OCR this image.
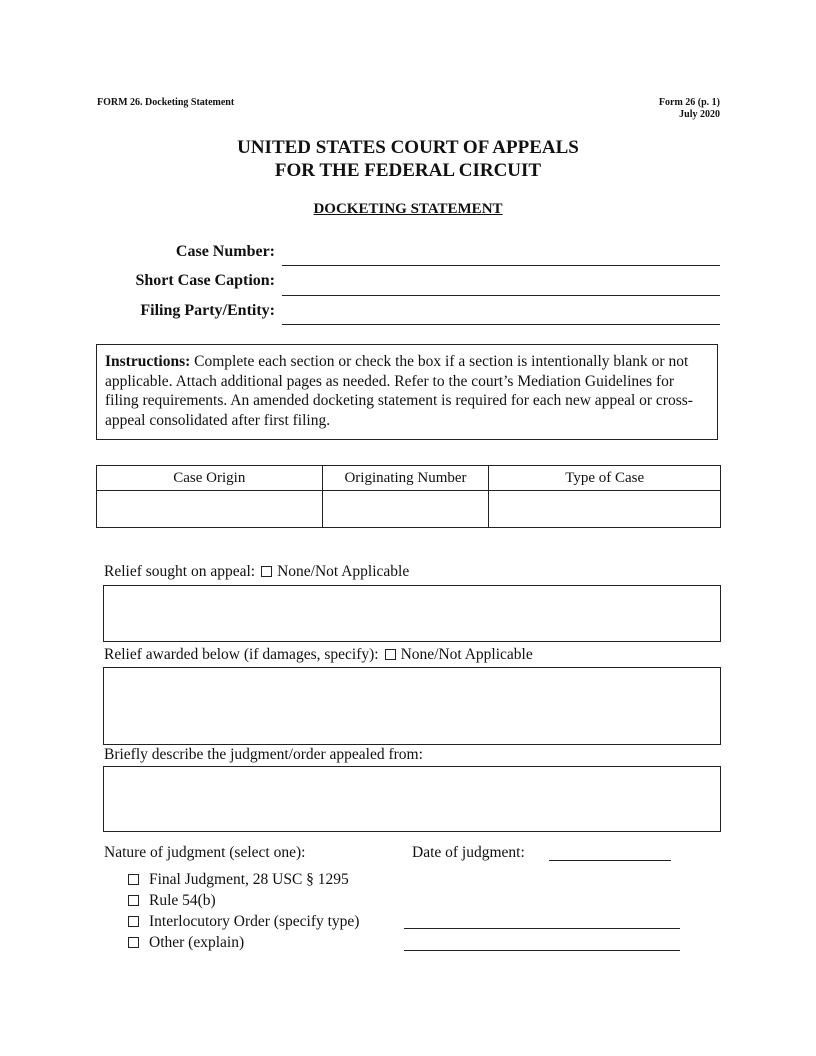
FORM 26. Docketing Statement	Form 26 (p. 1)
July 2020
UNITED STATES COURT OF APPEALS
FOR THE FEDERAL CIRCUIT
DOCKETING STATEMENT
Case Number:
Short Case Caption:
Filing Party/Entity:
Instructions: Complete each section or check the box if a section is intentionally blank or not applicable. Attach additional pages as needed. Refer to the court’s Mediation Guidelines for filing requirements. An amended docketing statement is required for each new appeal or cross-appeal consolidated after first filing.
Case Origin	Originating Number	Type of Case

Relief sought on appeal: None/Not Applicable
Relief awarded below (if damages, specify): None/Not Applicable
Briefly describe the judgment/order appealed from:
Nature of judgment (select one):	Date of judgment:
Final Judgment, 28 USC § 1295
Rule 54(b)
Interlocutory Order (specify type)
Other (explain)
